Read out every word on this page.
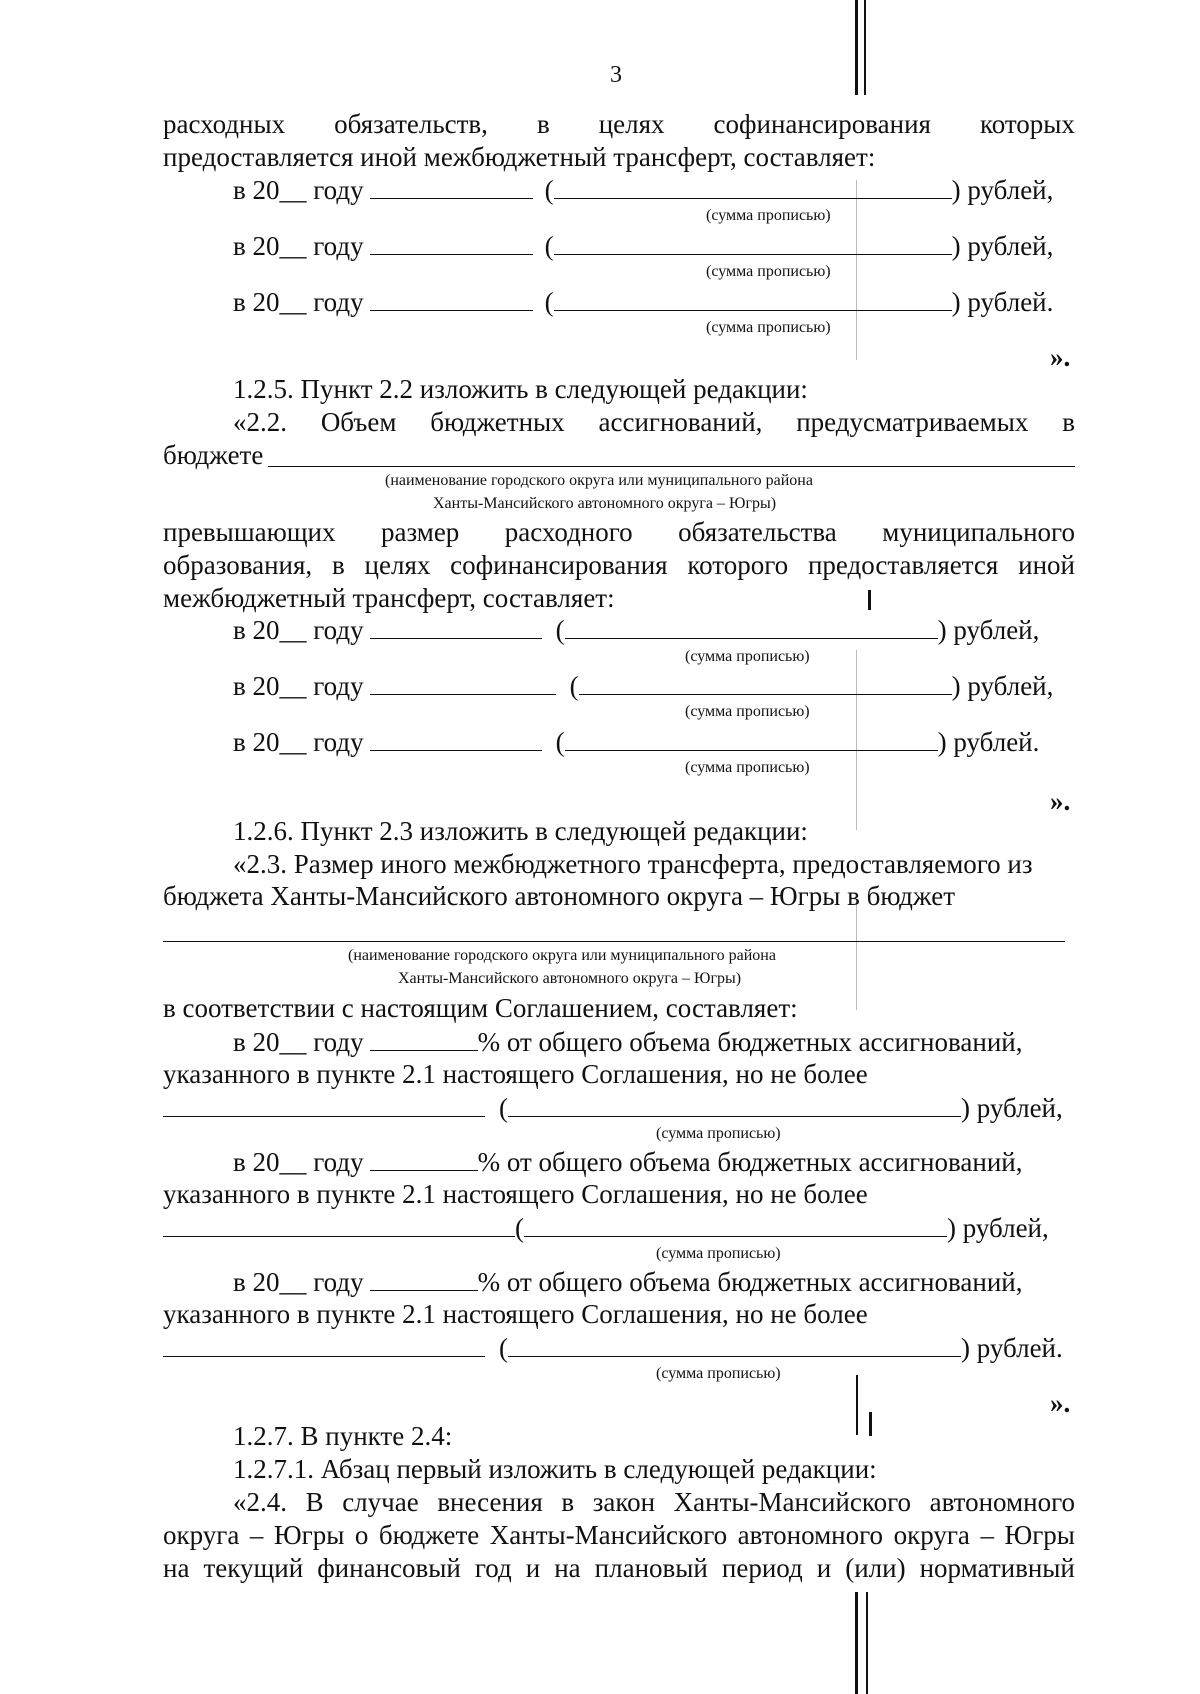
3
расходных обязательств, в целях софинансирования которых
предоставляется иной межбюджетный трансферт, составляет:
в 20__ году	(	) рублей,
(сумма прописью)
в 20__ году	(	) рублей,
(сумма прописью)
в 20__ году	(	) рублей.
(сумма прописью)
».
1.2.5. Пункт 2.2 изложить в следующей редакции:
«2.2. Объем бюджетных ассигнований, предусматриваемых в
бюджете
(наименование городского округа или муниципального района
Ханты-Мансийского автономного округа – Югры)
превышающих размер расходного обязательства муниципального
образования, в целях софинансирования которого предоставляется иной
межбюджетный трансферт, составляет:
в 20__ году	(	) рублей,
(сумма прописью)
в 20__ году	(	) рублей,
(сумма прописью)
в 20__ году	(	) рублей.
(сумма прописью)
».
1.2.6. Пункт 2.3 изложить в следующей редакции:
«2.3. Размер иного межбюджетного трансферта, предоставляемого из
бюджета Ханты-Мансийского автономного округа – Югры в бюджет
(наименование городского округа или муниципального района
Ханты-Мансийского автономного округа – Югры)
в соответствии с настоящим Соглашением, составляет:
в 20__ году	% от общего объема бюджетных ассигнований,
указанного в пункте 2.1 настоящего Соглашения, но не более
(	) рублей,
(сумма прописью)
в 20__ году	% от общего объема бюджетных ассигнований,
указанного в пункте 2.1 настоящего Соглашения, но не более
(	) рублей,
(сумма прописью)
в 20__ году	% от общего объема бюджетных ассигнований,
указанного в пункте 2.1 настоящего Соглашения, но не более
(	) рублей.
(сумма прописью)
».
1.2.7. В пункте 2.4:
1.2.7.1. Абзац первый изложить в следующей редакции:
«2.4. В случае внесения в закон Ханты-Мансийского автономного
округа – Югры о бюджете Ханты-Мансийского автономного округа – Югры
на текущий финансовый год и на плановый период и (или) нормативный
